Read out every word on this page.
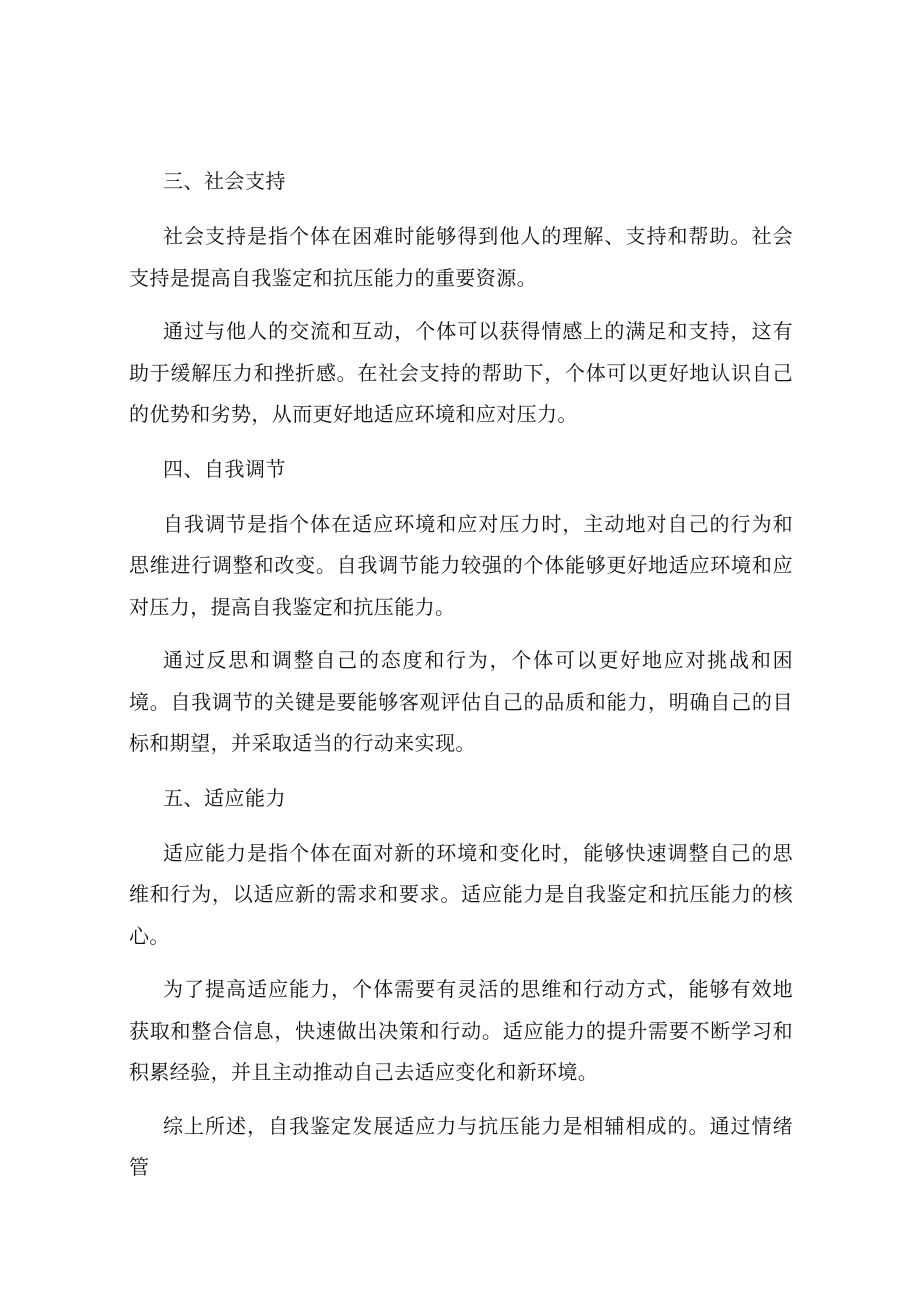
三、社会支持

社会支持是指个体在困难时能够得到他人的理解、支持和帮助。社会支持是提高自我鉴定和抗压能力的重要资源。

通过与他人的交流和互动，个体可以获得情感上的满足和支持，这有助于缓解压力和挫折感。在社会支持的帮助下，个体可以更好地认识自己的优势和劣势，从而更好地适应环境和应对压力。

四、自我调节

自我调节是指个体在适应环境和应对压力时，主动地对自己的行为和思维进行调整和改变。自我调节能力较强的个体能够更好地适应环境和应对压力，提高自我鉴定和抗压能力。

通过反思和调整自己的态度和行为，个体可以更好地应对挑战和困境。自我调节的关键是要能够客观评估自己的品质和能力，明确自己的目标和期望，并采取适当的行动来实现。

五、适应能力

适应能力是指个体在面对新的环境和变化时，能够快速调整自己的思维和行为，以适应新的需求和要求。适应能力是自我鉴定和抗压能力的核心。

为了提高适应能力，个体需要有灵活的思维和行动方式，能够有效地获取和整合信息，快速做出决策和行动。适应能力的提升需要不断学习和积累经验，并且主动推动自己去适应变化和新环境。

综上所述，自我鉴定发展适应力与抗压能力是相辅相成的。通过情绪管
